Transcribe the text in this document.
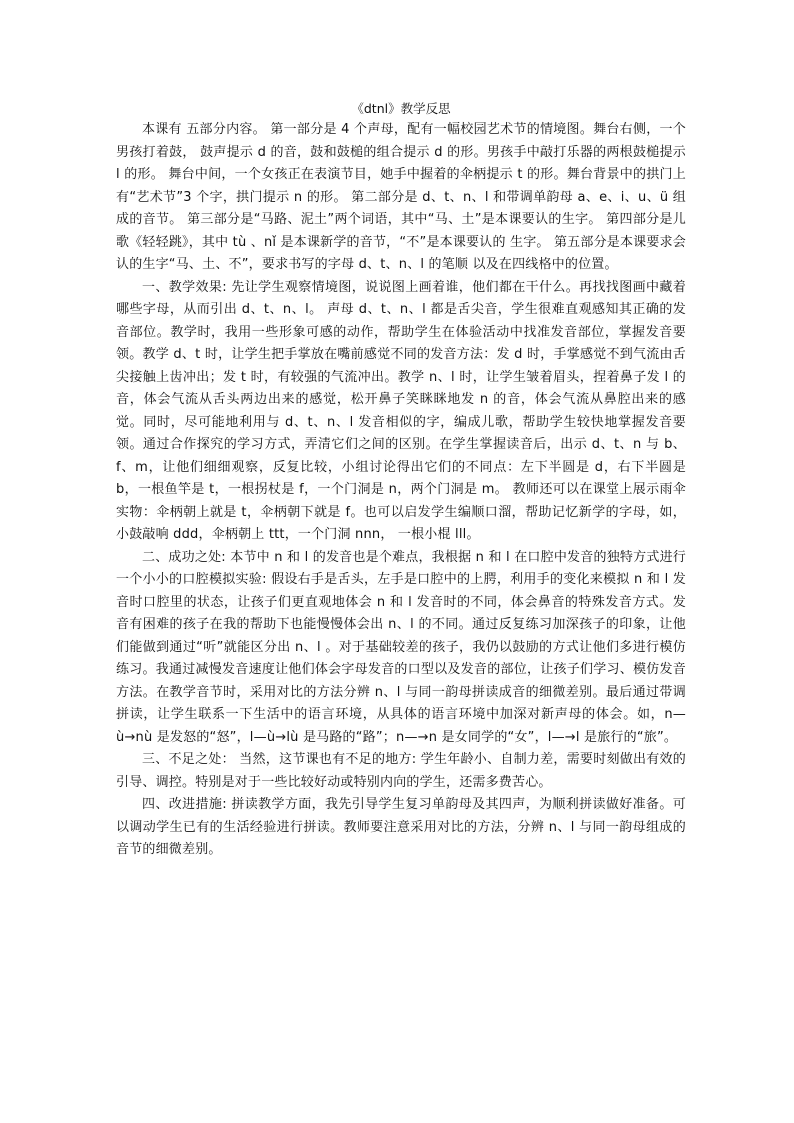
《dtnl》教学反思

本课有 五部分内容。 第一部分是 4 个声母，配有一幅校园艺术节的情境图。舞台右侧，一个男孩打着鼓， 鼓声提示 d 的音，鼓和鼓槌的组合提示 d 的形。男孩手中敲打乐器的两根鼓槌提示 l 的形。 舞台中间，一个女孩正在表演节目，她手中握着的伞柄提示 t 的形。舞台背景中的拱门上 有“艺术节”3 个字，拱门提示 n 的形。 第二部分是 d、t、n、l 和带调单韵母 a、e、i、u、ü 组成的音节。 第三部分是“马路、泥土”两个词语，其中“马、土”是本课要认的生字。 第四部分是儿歌《轻轻跳》，其中 tù 、nǐ 是本课新学的音节，“不”是本课要认的 生字。 第五部分是本课要求会认的生字“马、土、不”，要求书写的字母 d、t、n、l 的笔顺 以及在四线格中的位置。

一、教学效果: 先让学生观察情境图，说说图上画着谁，他们都在干什么。再找找图画中藏着哪些字母，从而引出 d、t、n、l。 声母 d、t、n、l 都是舌尖音，学生很难直观感知其正确的发音部位。教学时，我用一些形象可感的动作，帮助学生在体验活动中找准发音部位，掌握发音要领。教学 d、t 时，让学生把手掌放在嘴前感觉不同的发音方法：发 d 时，手掌感觉不到气流由舌尖接触上齿冲出；发 t 时，有较强的气流冲出。教学 n、l 时，让学生皱着眉头，捏着鼻子发 l 的音，体会气流从舌头两边出来的感觉，松开鼻子笑眯眯地发 n 的音，体会气流从鼻腔出来的感觉。同时，尽可能地利用与 d、t、n、l 发音相似的字，编成儿歌，帮助学生较快地掌握发音要领。通过合作探究的学习方式，弄清它们之间的区别。在学生掌握读音后，出示 d、t、n 与 b、 f、m，让他们细细观察，反复比较，小组讨论得出它们的不同点：左下半圆是 d，右下半圆是 b，一根鱼竿是 t，一根拐杖是 f，一个门洞是 n，两个门洞是 m。 教师还可以在课堂上展示雨伞实物：伞柄朝上就是 t，伞柄朝下就是 f。也可以启发学生编顺口溜，帮助记忆新学的字母，如，小鼓敲响 ddd，伞柄朝上 ttt，一个门洞 nnn， 一根小棍 lll。

二、成功之处: 本节中 n 和 l 的发音也是个难点，我根据 n 和 l 在口腔中发音的独特方式进行一个小小的口腔模拟实验: 假设右手是舌头，左手是口腔中的上腭，利用手的变化来模拟 n 和 l 发音时口腔里的状态，让孩子们更直观地体会 n 和 l 发音时的不同，体会鼻音的特殊发音方式。发音有困难的孩子在我的帮助下也能慢慢体会出 n、l 的不同。通过反复练习加深孩子的印象，让他们能做到通过“听”就能区分出 n、l 。对于基础较差的孩子，我仍以鼓励的方式让他们多进行模仿练习。我通过减慢发音速度让他们体会字母发音的口型以及发音的部位，让孩子们学习、模仿发音方法。在教学音节时，采用对比的方法分辨 n、l 与同一韵母拼读成音的细微差别。最后通过带调拼读，让学生联系一下生活中的语言环境，从具体的语言环境中加深对新声母的体会。如，n—ù→nù 是发怒的“怒”，l—ù→lù 是马路的“路”；n—→n 是女同学的“女”，l—→l 是旅行的“旅”。

三、不足之处： 当然，这节课也有不足的地方: 学生年龄小、自制力差，需要时刻做出有效的引导、调控。特别是对于一些比较好动或特别内向的学生，还需多费苦心。

四、改进措施: 拼读教学方面，我先引导学生复习单韵母及其四声，为顺利拼读做好准备。可以调动学生已有的生活经验进行拼读。教师要注意采用对比的方法，分辨 n、l 与同一韵母组成的音节的细微差别。
